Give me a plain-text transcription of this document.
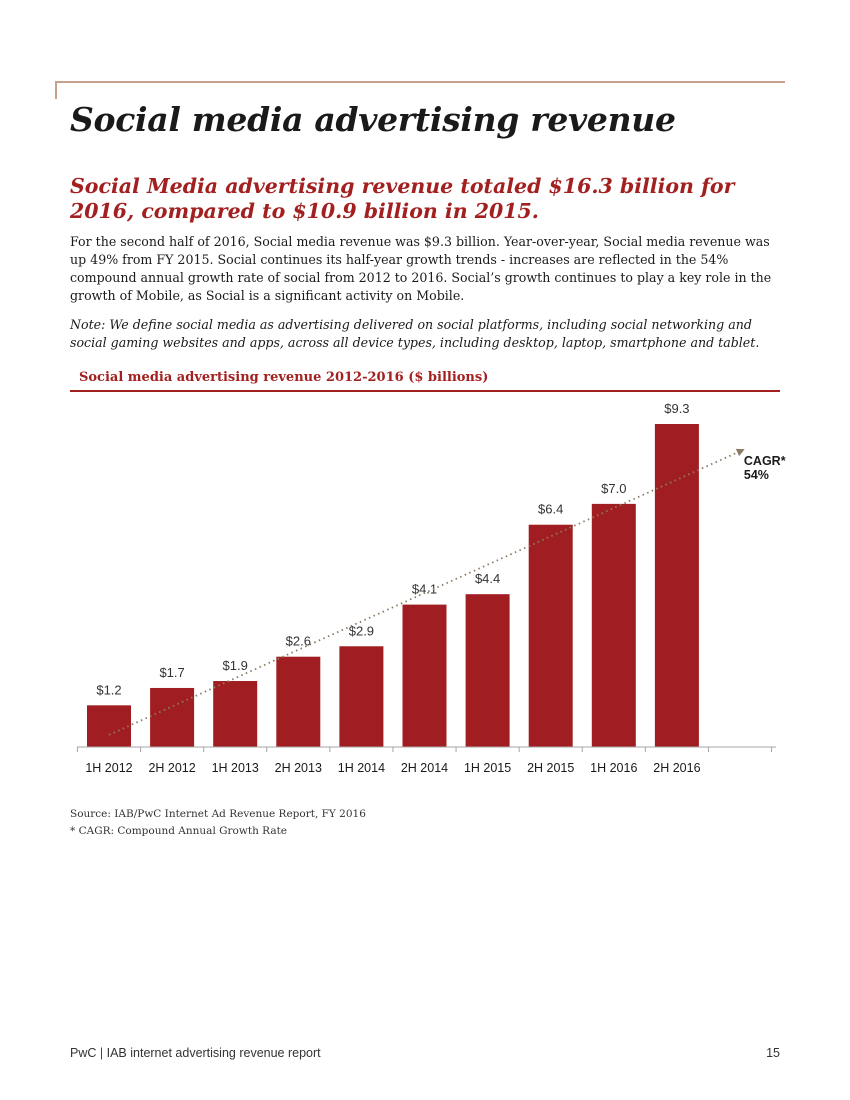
Social media advertising revenue
Social Media advertising revenue totaled $16.3 billion for 2016, compared to $10.9 billion in 2015.

For the second half of 2016, Social media revenue was $9.3 billion. Year-over-year, Social media revenue was up 49% from FY 2015. Social continues its half-year growth trends - increases are reflected in the 54% compound annual growth rate of social from 2012 to 2016. Social’s growth continues to play a key role in the growth of Mobile, as Social is a significant activity on Mobile.

Note: We define social media as advertising delivered on social platforms, including social networking and social gaming websites and apps, across all device types, including desktop, laptop, smartphone and tablet.

Social media advertising revenue 2012-2016 ($ billions)
$1.2
$1.7	$1.9
$2.6
$2.9
$4.1
$4.4
$6.4
$7.0
$9.3
1H 2012 2H 2012 1H 2013 2H 2013 1H 2014 2H 2014 1H 2015 2H 2015 1H 2016 2H 2016
CAGR*
54%

Source: IAB/PwC Internet Ad Revenue Report, FY 2016

* CAGR: Compound Annual Growth Rate

PwC | IAB internet advertising revenue report	15
